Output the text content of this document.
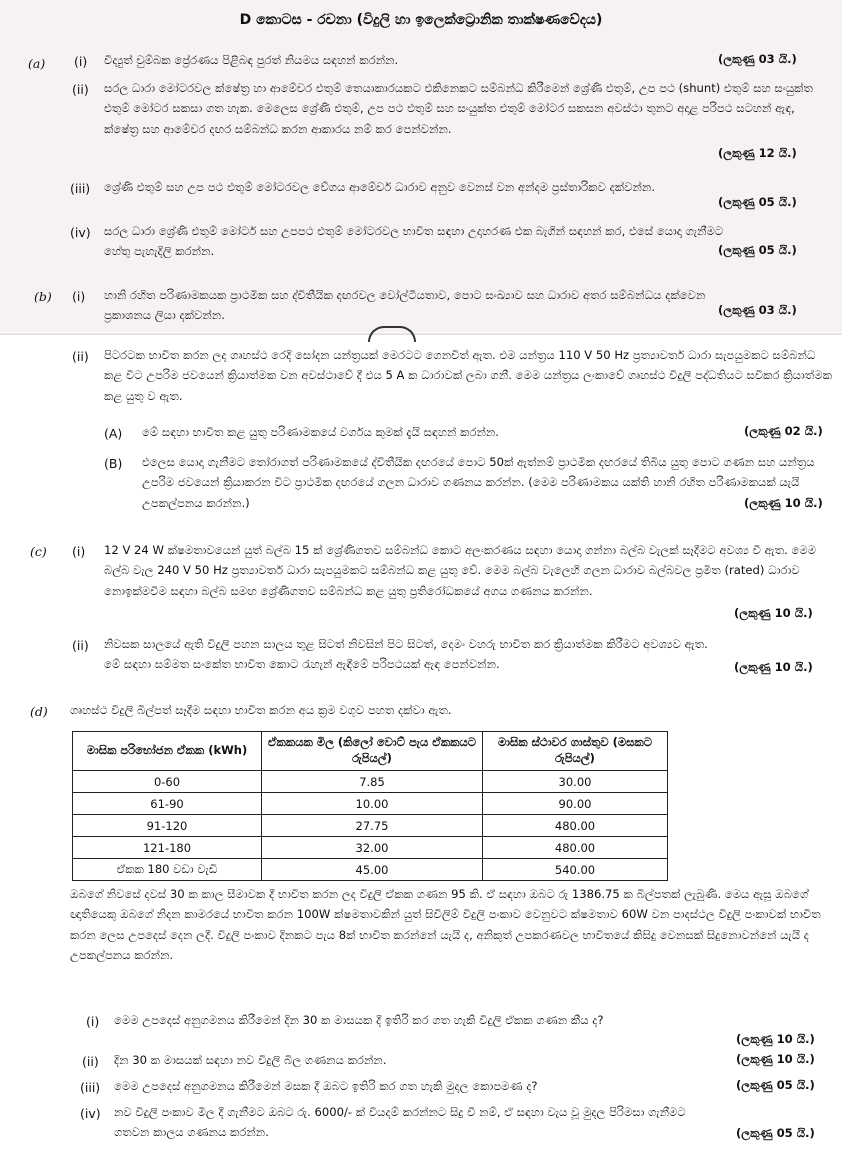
D කොටස - රචනා (විදුලි හා ඉලෙක්ට්‍රොනික තාක්ෂණවේදය)
(a) (i) විද්‍යුත් චුම්බක ප්‍රේරණය පිළිබඳ පුරත් නියමය සඳහන් කරන්න.	(ලකුණු 03 යි.)
(ii) සරල ධාරා මෝටරවල ක්ෂේත්‍ර හා ආමේචර එතුම් තෙයාකාරයකට එකිනෙකට සම්බන්ධ කිරීමෙන් ශ්‍රේණි එතුම්, උප පථ (shunt) එතුම් සහ සංයුක්ත එතුම් මෝටර සකසා ගත හැක. මෙලෙස ශ්‍රේණි එතුම්, උප පථ එතුම් සහ සංයුක්ත එතුම් මෝටර සකසන අවස්ථා තුනට අදාළ පරිපථ සටහන් ඇඳ, ක්ෂේත්‍ර සහ ආමේචර දඟර සම්බන්ධ කරන ආකාරය නම් කර පෙන්වන්න.
(ලකුණු 12 යි.)
(iii) ශ්‍රේණි එතුම් සහ උප පථ එතුම් මෝටරවල වේගය ආමේචර් ධාරාව අනුව වෙනස් වන අන්දම ප්‍රස්තාරිකව දක්වන්න.
(ලකුණු 05 යි.)
(iv) සරල ධාරා ශ්‍රේණි එතුම් මෝටර් සහ උපපථ එතුම් මෝටරවල භාවිත සඳහා උදාහරණ එක බැගින් සඳහන් කර, එසේ යොදා ගැනීමට හේතු පැහැදිලි කරන්න.	(ලකුණු 05 යි.)
(b) (i) හානි රහිත පරිණාමකයක ප්‍රාථමික සහ ද්විතීයික දඟරවල වෝල්ටීයතාව, පොට සංඛ්‍යාව සහ ධාරාව අතර සම්බන්ධය දක්වෙන ප්‍රකාශනය ලියා දක්වන්න.	(ලකුණු 03 යි.)
(ii) පිටරටක භාවිත කරන ලද ගෘහස්ථ රෙදි සෝදන යන්ත්‍රයක් මෙරටට ගෙනවිත් ඇත. එම යන්ත්‍රය 110 V 50 Hz ප්‍රත්‍යාවර්ත ධාරා සැපයුමකට සම්බන්ධ කළ විට උපරිම ජවයෙන් ක්‍රියාත්මක වන අවස්ථාවේ දී එය 5 A ක ධාරාවක් ලබා ගනී. මෙම යන්ත්‍රය ලංකාවේ ගෘහස්ථ විදුලි පද්ධතියට සවිකර ක්‍රියාත්මක කළ යුතු ව ඇත.
(A) මේ සඳහා භාවිත කළ යුතු පරිණාමකයේ වර්ගය කුමක් දැයි සඳහන් කරන්න.	(ලකුණු 02 යි.)
(B) එලෙස යොදා ගැනීමට තෝරාගත් පරිණාමකයේ ද්විතීයික දඟරයේ පොට 50ක් ඇත්නම් ප්‍රාථමික දඟරයේ තිබිය යුතු පොට ගණන සහ යන්ත්‍රය උපරිම ජවයෙන් ක්‍රියාකරන විට ප්‍රාථමික දඟරයේ ගලන ධාරාව ගණනය කරන්න. (මෙම පරිණාමකය යක්ති හානි රහිත පරිණාමකයක් යැයි උපකල්පනය කරන්න.)	(ලකුණු 10 යි.)
(c) (i) 12 V 24 W ක්ෂමතාවයෙන් යුත් බල්බ 15 ක් ශ්‍රේණිගතව සම්බන්ධ කොට අලංකරණය සඳහා යොදා ගන්නා බල්බ වැලක් සෑදීමට අවශ්‍ය වී ඇත. මෙම බල්බ වැල 240 V 50 Hz ප්‍රත්‍යාවර්ත ධාරා සැපයුමකට සම්බන්ධ කළ යුතු වේ. මෙම බල්බ වැලෙහි ගලන ධාරාව බල්බවල ප්‍රමිත (rated) ධාරාව නොඉක්මවීම සඳහා බල්බ සමඟ ශ්‍රේණිගතව සම්බන්ධ කළ යුතු ප්‍රතිරෝධකයේ අගය ගණනය කරන්න.
(ලකුණු 10 යි.)
(ii) නිවසක සාලයේ ඇති විදුලි පහන සාලය තුළ සිටත් නිවසින් පිට සිටත්, දෙමං වහරු භාවිත කර ක්‍රියාත්මක කිරීමට අවශ්‍යව ඇත. මේ සඳහා සම්මත සංකේත භාවිත කොට රැහැන් ඇඳීමේ පරිපථයක් ඇඳ පෙන්වන්න.	(ලකුණු 10 යි.)
(d) ගෘහස්ථ විදුලි බිල්පත් සෑදීම සඳහා භාවිත කරන අය ක්‍රම වගුව පහත දක්වා ඇත.
මාසික පරිභෝජන ඒකක (kWh)	ඒකකයක මිල (කිලෝ වොට් පැය ඒකකයට රුපියල්)	මාසික ස්ථාවර ගාස්තුව (මසකට රුපියල්)
0-60	7.85	30.00
61-90	10.00	90.00
91-120	27.75	480.00
121-180	32.00	480.00
ඒකක 180 වඩා වැඩි	45.00	540.00
ඔබගේ නිවසේ දවස් 30 ක කාල සීමාවක දී භාවිත කරන ලද විදුලි ඒකක ගණන 95 කි. ඒ සඳහා ඔබට රු 1386.75 ක බිල්පතක් ලැබුණි. මෙය ඇසූ ඔබගේ ඥාතියෙකු ඔබගේ නිදන කාමරයේ භාවිත කරන 100W ක්ෂමතාවකින් යුත් සිවිලිම් විදුලි පංකාව වෙනුවට ක්ෂමතාව 60W වන පාදස්ථල විදුලි පංකාවක් භාවිත කරන ලෙස උපදෙස් දෙන ලදී. විදුලි පංකාව දිනකට පැය 8ක් භාවිත කරන්නේ යැයි ද, අනිකුත් උපකරණවල භාවිතයේ කිසිදු වෙනසක් සිදුනොවන්නේ යැයි ද උපකල්පනය කරන්න.
(i) මෙම උපදෙස් අනුගමනය කිරීමෙන් දින 30 ක මාසයක දී ඉතිරි කර ගත හැකි විදුලි ඒකක ගණන කීය ද?
(ලකුණු 10 යි.)
(ii) දින 30 ක මාසයක් සඳහා නව විදුලි බිල ගණනය කරන්න.	(ලකුණු 10 යි.)
(iii) මෙම උපදෙස් අනුගමනය කිරීමෙන් මසක දී ඔබට ඉතිරි කර ගත හැකි මුදල කොපමණ ද?	(ලකුණු 05 යි.)
(iv) නව විදුලි පංකාව මිල දී ගැනීමට ඔබට රු. 6000/- ක් වියදම් කරන්නට සිදු වී නම්, ඒ සඳහා වැය වූ මුදල පිරිමසා ගැනීමට ගතවන කාලය ගණනය කරන්න.	(ලකුණු 05 යි.)
